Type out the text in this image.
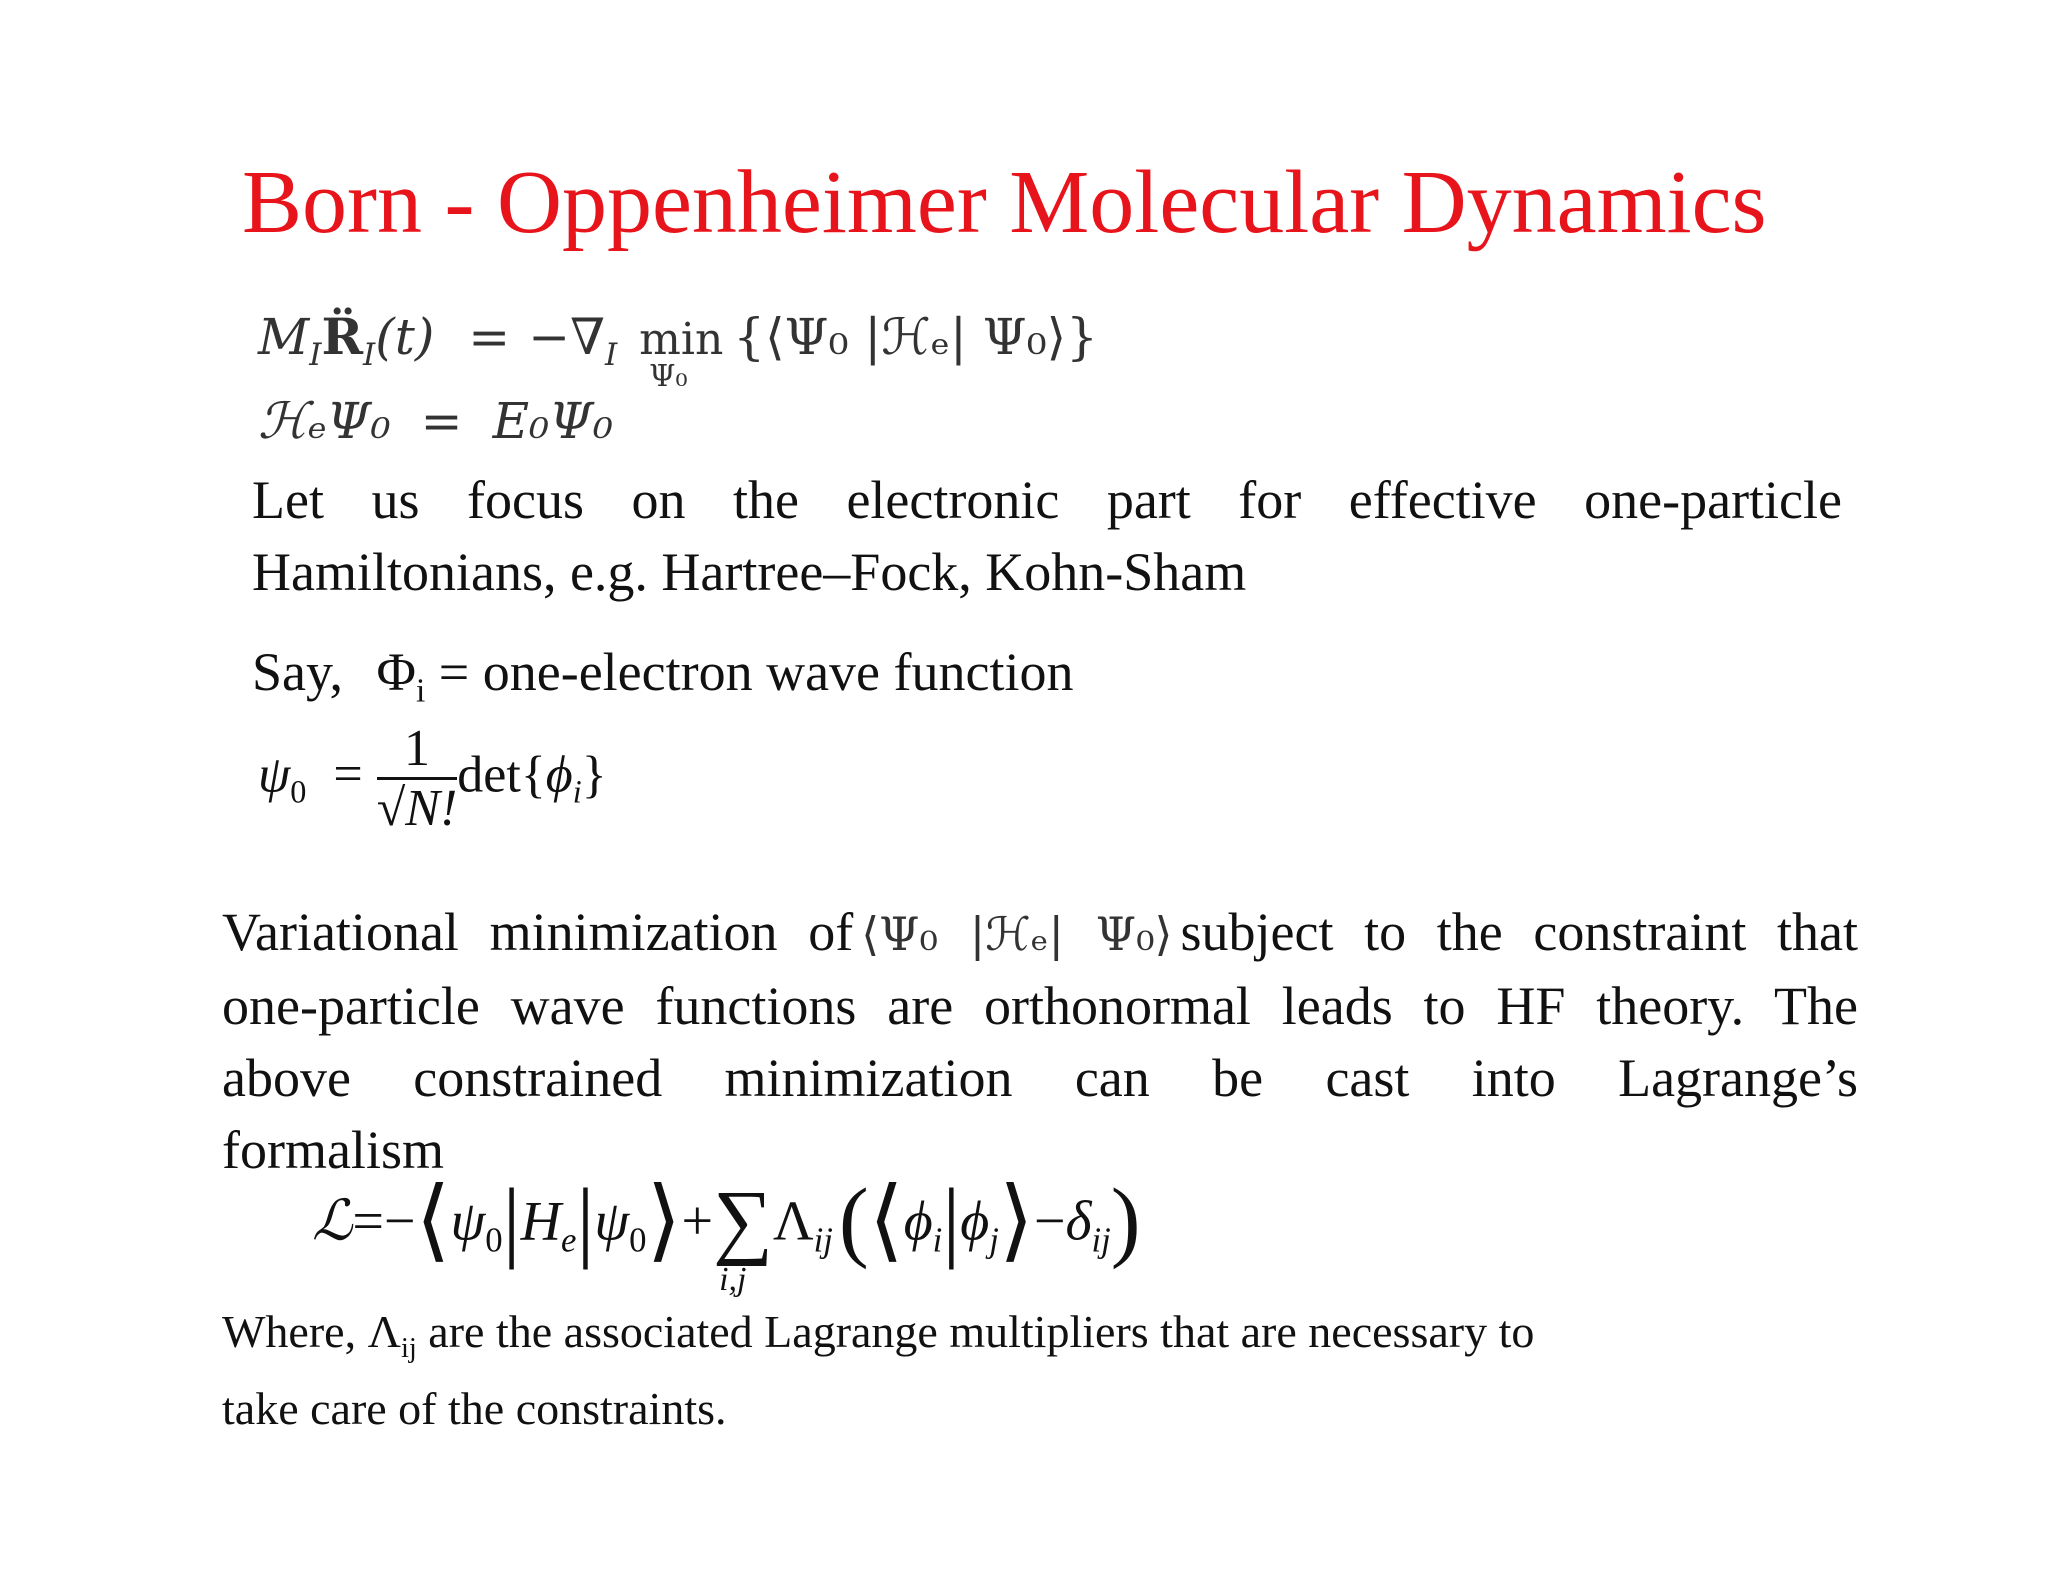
Born - Oppenheimer Molecular Dynamics
$M_IR̈_I(t) = -\nabla_I$ min
Ψ₀
{⟨Ψ₀ |ℋₑ| Ψ₀⟩}
ℋₑΨ₀ = E₀Ψ₀
Let us focus on the electronic part for effective one-particle
Hamiltonians, e.g. Hartree–Fock, Kohn-Sham
Say, $\Phi_i$ = one-electron wave function
$\psi_0 = \frac{1}{√N!} \det\{\phi_i\}$
Variational minimization of ⟨Ψ₀ |ℋₑ| Ψ₀⟩ subject to the constraint that
one-particle wave functions are orthonormal leads to HF theory. The
above constrained minimization can be cast into Lagrange’s
formalism
$ℒ=-⟨\psi_0|H_e|\psi_0⟩+\sum$
i,j
$\Lambda_{ij}(⟨\phi_i|\phi_j⟩-\delta_{ij})$
Where, $\Lambda_{ij}$ are the associated Lagrange multipliers that are necessary to
take care of the constraints.
